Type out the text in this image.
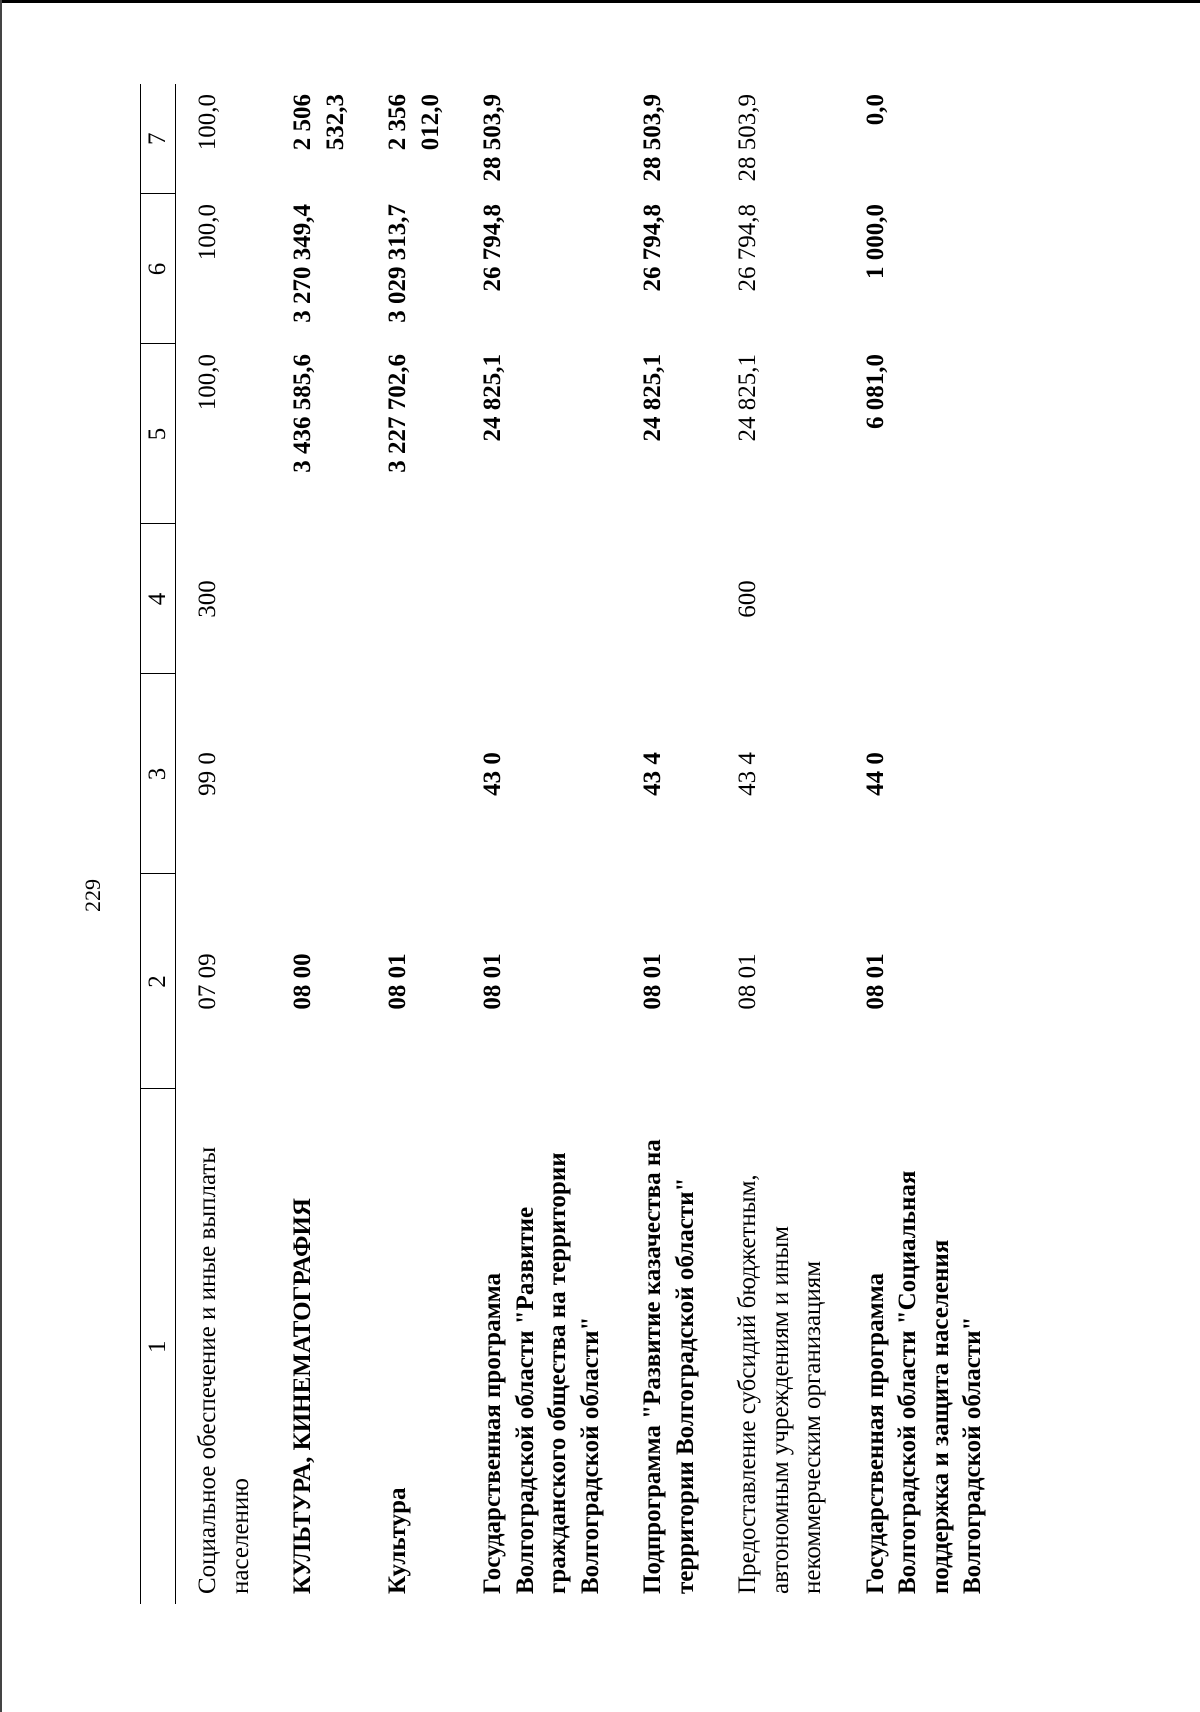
229
1	2	3	4	5	6	7
Социальное обеспечение и иные выплаты населению	07 09	99 0	300	100,0	100,0	100,0
КУЛЬТУРА, КИНЕМАТОГРАФИЯ	08 00			3 436 585,6	3 270 349,4	2 506 532,3
Культура	08 01			3 227 702,6	3 029 313,7	2 356 012,0
Государственная программа Волгоградской области "Развитие гражданского общества на территории Волгоградской области"	08 01	43 0		24 825,1	26 794,8	28 503,9
Подпрограмма "Развитие казачества на территории Волгоградской области"	08 01	43 4		24 825,1	26 794,8	28 503,9
Предоставление субсидий бюджетным, автономным учреждениям и иным некоммерческим организациям	08 01	43 4	600	24 825,1	26 794,8	28 503,9
Государственная программа Волгоградской области "Социальная поддержка и защита населения Волгоградской области"	08 01	44 0		6 081,0	1 000,0	0,0
